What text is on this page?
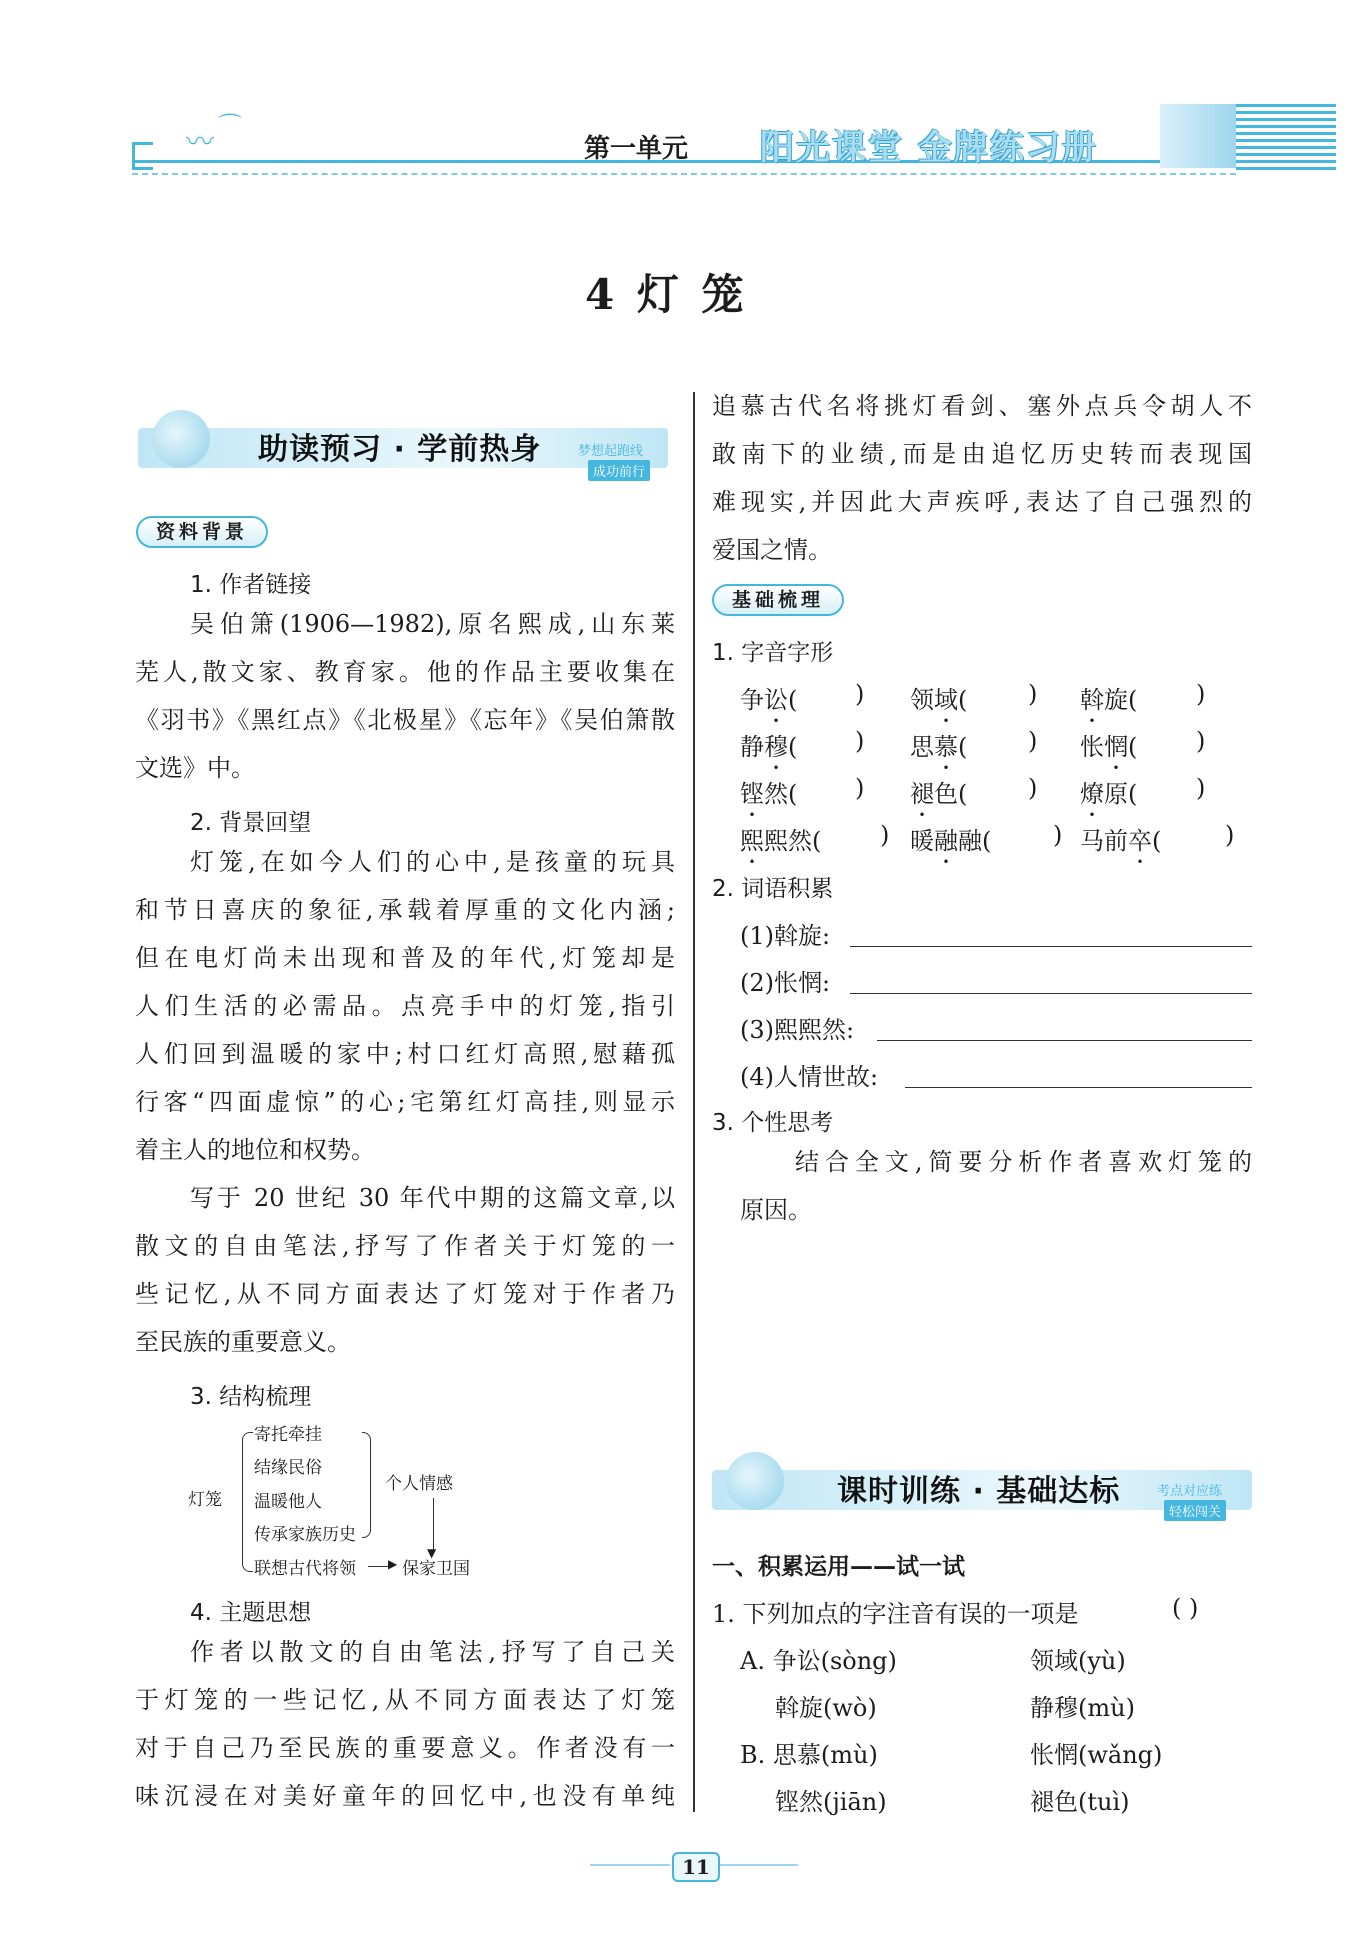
〰 ⌒
第一单元 阳光课堂 金牌练习册
4 灯 笼
助读预习 · 学前热身	梦想起跑线
成功前行
资料背景
1. 作者链接
吴伯箫(1906—1982),原名熙成,山东莱
芜人,散文家、教育家。他的作品主要收集在
《羽书》《黑红点》《北极星》《忘年》《吴伯箫散
文选》中。
2. 背景回望
灯笼,在如今人们的心中,是孩童的玩具
和节日喜庆的象征,承载着厚重的文化内涵;
但在电灯尚未出现和普及的年代,灯笼却是
人们生活的必需品。点亮手中的灯笼,指引
人们回到温暖的家中;村口红灯高照,慰藉孤
行客“四面虚惊”的心;宅第红灯高挂,则显示
着主人的地位和权势。
写于 20 世纪 30 年代中期的这篇文章,以
散文的自由笔法,抒写了作者关于灯笼的一
些记忆,从不同方面表达了灯笼对于作者乃
至民族的重要意义。
3. 结构梳理
灯笼
寄托牵挂
结缘民俗
温暖他人
传承家族历史
联想古代将领
个人情感
▼
▶ 保家卫国
4. 主题思想
作者以散文的自由笔法,抒写了自己关
于灯笼的一些记忆,从不同方面表达了灯笼
对于自己乃至民族的重要意义。作者没有一
味沉浸在对美好童年的回忆中,也没有单纯
追慕古代名将挑灯看剑、塞外点兵令胡人不
敢南下的业绩,而是由追忆历史转而表现国
难现实,并因此大声疾呼,表达了自己强烈的
爱国之情。
基础梳理
1. 字音字形
争讼( ) 领域(	) 斡旋( )
静穆( ) 思慕(	) 怅惘( )
铿然( ) 褪色(	) 燎原( )
熙熙然( ) 暖融融(	) 马前卒(	)
2. 词语积累
(1)斡旋:
(2)怅惘:
(3)熙熙然:
(4)人情世故:
3. 个性思考
结合全文,简要分析作者喜欢灯笼的
原因。
课时训练 · 基础达标	考点对应练
轻松闯关
一、积累运用——试一试
1. 下列加点的字注音有误的一项是	( )
A. 争讼(sòng)	领域(yù)
斡旋(wò)	静穆(mù)
B. 思慕(mù)	怅惘(wǎng)
铿然(jiān)	褪色(tuì)
11
